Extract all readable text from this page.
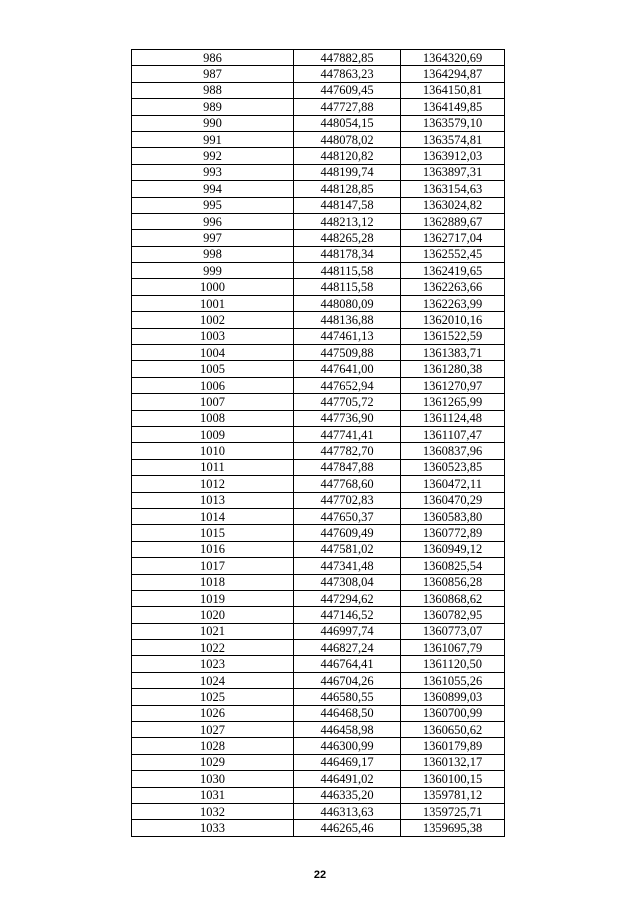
986	447882,85	1364320,69
987	447863,23	1364294,87
988	447609,45	1364150,81
989	447727,88	1364149,85
990	448054,15	1363579,10
991	448078,02	1363574,81
992	448120,82	1363912,03
993	448199,74	1363897,31
994	448128,85	1363154,63
995	448147,58	1363024,82
996	448213,12	1362889,67
997	448265,28	1362717,04
998	448178,34	1362552,45
999	448115,58	1362419,65
1000	448115,58	1362263,66
1001	448080,09	1362263,99
1002	448136,88	1362010,16
1003	447461,13	1361522,59
1004	447509,88	1361383,71
1005	447641,00	1361280,38
1006	447652,94	1361270,97
1007	447705,72	1361265,99
1008	447736,90	1361124,48
1009	447741,41	1361107,47
1010	447782,70	1360837,96
1011	447847,88	1360523,85
1012	447768,60	1360472,11
1013	447702,83	1360470,29
1014	447650,37	1360583,80
1015	447609,49	1360772,89
1016	447581,02	1360949,12
1017	447341,48	1360825,54
1018	447308,04	1360856,28
1019	447294,62	1360868,62
1020	447146,52	1360782,95
1021	446997,74	1360773,07
1022	446827,24	1361067,79
1023	446764,41	1361120,50
1024	446704,26	1361055,26
1025	446580,55	1360899,03
1026	446468,50	1360700,99
1027	446458,98	1360650,62
1028	446300,99	1360179,89
1029	446469,17	1360132,17
1030	446491,02	1360100,15
1031	446335,20	1359781,12
1032	446313,63	1359725,71
1033	446265,46	1359695,38
22
